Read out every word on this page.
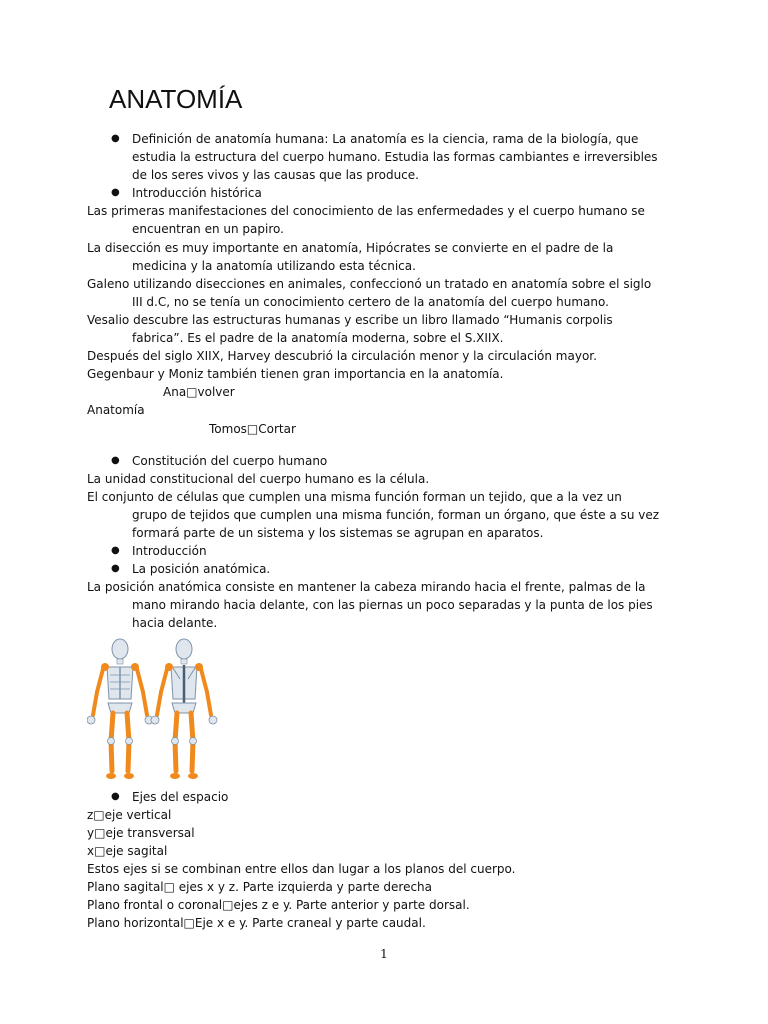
ANATOMÍA

● Definición de anatomía humana: La anatomía es la ciencia, rama de la biología, que estudia la estructura del cuerpo humano. Estudia las formas cambiantes e irreversibles de los seres vivos y las causas que las produce.

● Introducción histórica

Las primeras manifestaciones del conocimiento de las enfermedades y el cuerpo humano se encuentran en un papiro.

La disección es muy importante en anatomía, Hipócrates se convierte en el padre de la medicina y la anatomía utilizando esta técnica.

Galeno utilizando disecciones en animales, confeccionó un tratado en anatomía sobre el siglo III d.C, no se tenía un conocimiento certero de la anatomía del cuerpo humano.

Vesalio descubre las estructuras humanas y escribe un libro llamado “Humanis corpolis fabrica”. Es el padre de la anatomía moderna, sobre el S.XIIX.

Después del siglo XIIX, Harvey descubrió la circulación menor y la circulación mayor.

Gegenbaur y Moniz también tienen gran importancia en la anatomía.

Ana□volver

Anatomía

Tomos□Cortar

● Constitución del cuerpo humano

La unidad constitucional del cuerpo humano es la célula.

El conjunto de células que cumplen una misma función forman un tejido, que a la vez un grupo de tejidos que cumplen una misma función, forman un órgano, que éste a su vez formará parte de un sistema y los sistemas se agrupan en aparatos.

● Introducción

● La posición anatómica.

La posición anatómica consiste en mantener la cabeza mirando hacia el frente, palmas de la mano mirando hacia delante, con las piernas un poco separadas y la punta de los pies hacia delante.

● Ejes del espacio

z□eje vertical

y□eje transversal

x□eje sagital

Estos ejes si se combinan entre ellos dan lugar a los planos del cuerpo.

Plano sagital□ ejes x y z. Parte izquierda y parte derecha

Plano frontal o coronal□ejes z e y. Parte anterior y parte dorsal.

Plano horizontal□Eje x e y. Parte craneal y parte caudal.

1
